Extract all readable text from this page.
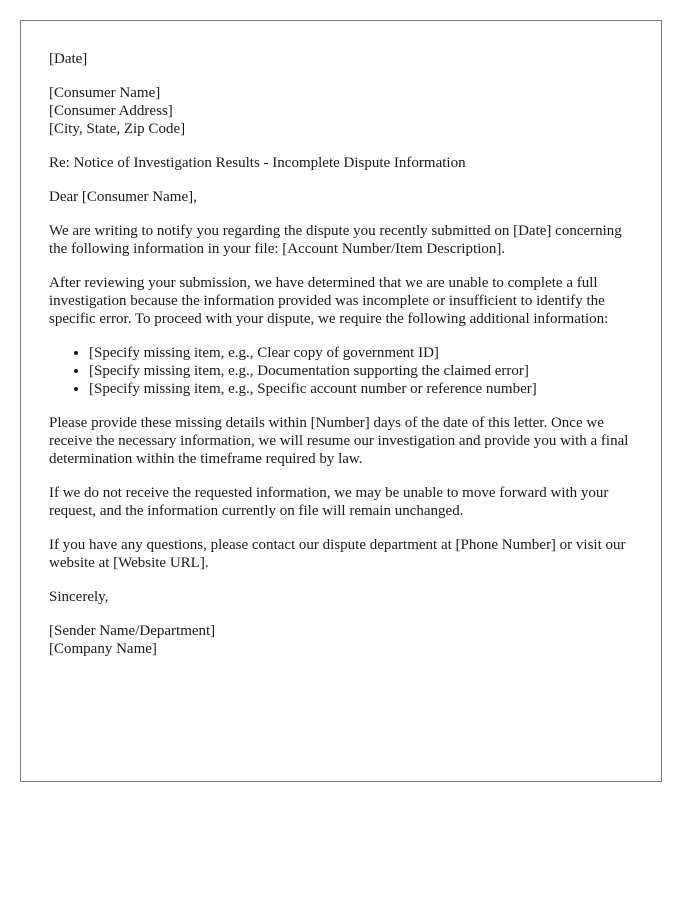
[Date]

[Consumer Name]
[Consumer Address]
[City, State, Zip Code]

Re: Notice of Investigation Results - Incomplete Dispute Information

Dear [Consumer Name],

We are writing to notify you regarding the dispute you recently submitted on [Date] concerning the following information in your file: [Account Number/Item Description].

After reviewing your submission, we have determined that we are unable to complete a full investigation because the information provided was incomplete or insufficient to identify the specific error. To proceed with your dispute, we require the following additional information:

• [Specify missing item, e.g., Clear copy of government ID]
• [Specify missing item, e.g., Documentation supporting the claimed error]
• [Specify missing item, e.g., Specific account number or reference number]

Please provide these missing details within [Number] days of the date of this letter. Once we receive the necessary information, we will resume our investigation and provide you with a final determination within the timeframe required by law.

If we do not receive the requested information, we may be unable to move forward with your request, and the information currently on file will remain unchanged.

If you have any questions, please contact our dispute department at [Phone Number] or visit our website at [Website URL].

Sincerely,

[Sender Name/Department]
[Company Name]
